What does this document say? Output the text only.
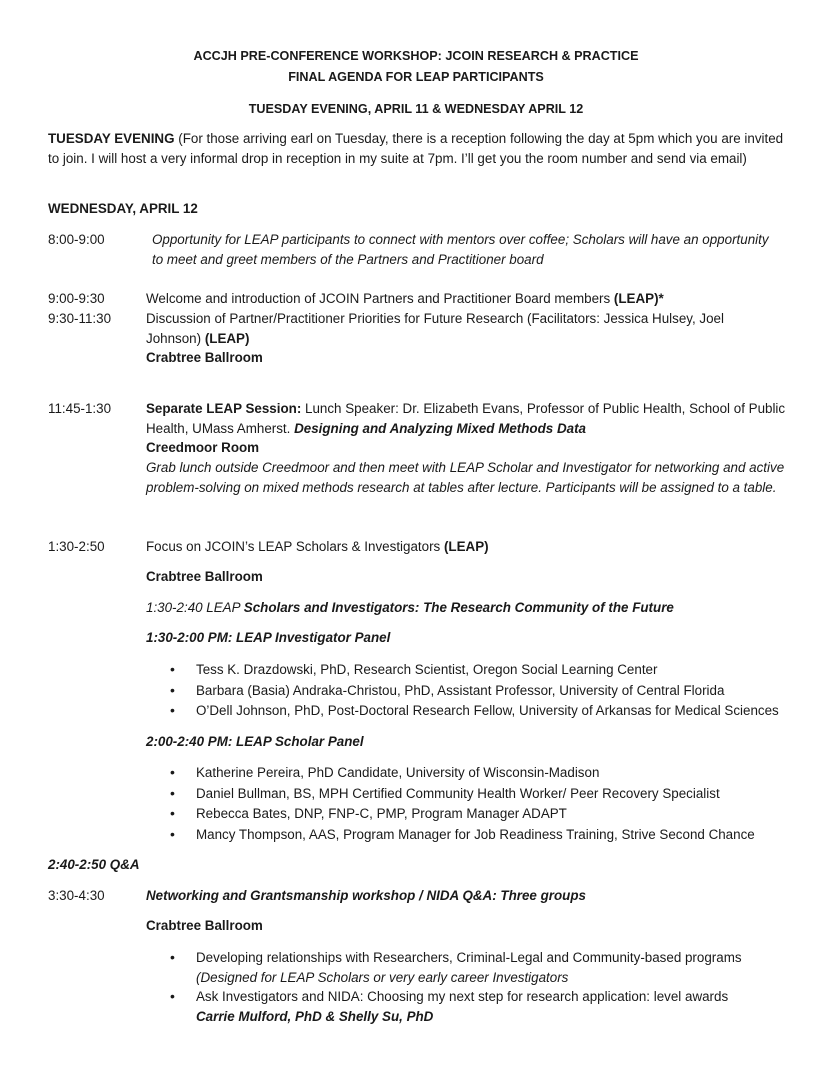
ACCJH PRE-CONFERENCE WORKSHOP: JCOIN RESEARCH & PRACTICE
FINAL AGENDA FOR LEAP PARTICIPANTS
TUESDAY EVENING, APRIL 11 & WEDNESDAY APRIL 12
TUESDAY EVENING (For those arriving earl on Tuesday, there is a reception following the day at 5pm which you are invited to join. I will host a very informal drop in reception in my suite at 7pm. I’ll get you the room number and send via email)
WEDNESDAY, APRIL 12
8:00-9:00	Opportunity for LEAP participants to connect with mentors over coffee; Scholars will have an opportunity to meet and greet members of the Partners and Practitioner board
9:00-9:30	Welcome and introduction of JCOIN Partners and Practitioner Board members (LEAP)*
9:30-11:30	Discussion of Partner/Practitioner Priorities for Future Research (Facilitators: Jessica Hulsey, Joel Johnson) (LEAP)
Crabtree Ballroom
11:45-1:30	Separate LEAP Session: Lunch Speaker: Dr. Elizabeth Evans, Professor of Public Health, School of Public Health, UMass Amherst. Designing and Analyzing Mixed Methods Data
Creedmoor Room
Grab lunch outside Creedmoor and then meet with LEAP Scholar and Investigator for networking and active problem-solving on mixed methods research at tables after lecture. Participants will be assigned to a table.
1:30-2:50	Focus on JCOIN’s LEAP Scholars & Investigators (LEAP)
Crabtree Ballroom
1:30-2:40 LEAP Scholars and Investigators: The Research Community of the Future
1:30-2:00 PM: LEAP Investigator Panel
• Tess K. Drazdowski, PhD, Research Scientist, Oregon Social Learning Center
• Barbara (Basia) Andraka-Christou, PhD, Assistant Professor, University of Central Florida
• O’Dell Johnson, PhD, Post-Doctoral Research Fellow, University of Arkansas for Medical Sciences
2:00-2:40 PM: LEAP Scholar Panel
• Katherine Pereira, PhD Candidate, University of Wisconsin-Madison
• Daniel Bullman, BS, MPH Certified Community Health Worker/ Peer Recovery Specialist
• Rebecca Bates, DNP, FNP-C, PMP, Program Manager ADAPT
• Mancy Thompson, AAS, Program Manager for Job Readiness Training, Strive Second Chance
2:40-2:50 Q&A
3:30-4:30	Networking and Grantsmanship workshop / NIDA Q&A: Three groups
Crabtree Ballroom
• Developing relationships with Researchers, Criminal-Legal and Community-based programs
(Designed for LEAP Scholars or very early career Investigators
• Ask Investigators and NIDA: Choosing my next step for research application: level awards
Carrie Mulford, PhD & Shelly Su, PhD
